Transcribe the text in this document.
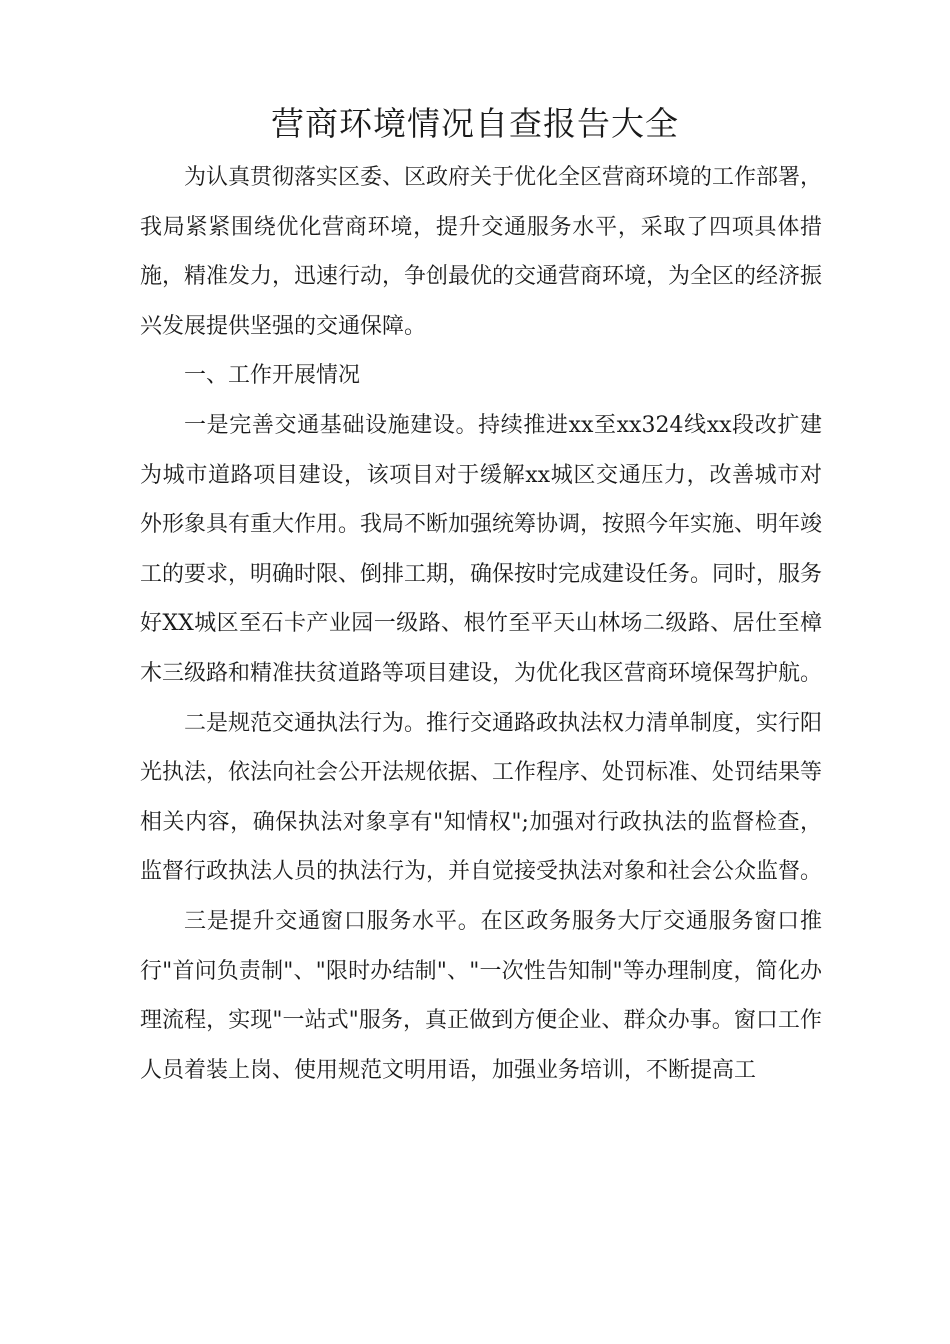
营商环境情况自查报告大全

为认真贯彻落实区委、区政府关于优化全区营商环境的工作部署，我局紧紧围绕优化营商环境，提升交通服务水平，采取了四项具体措施，精准发力，迅速行动，争创最优的交通营商环境，为全区的经济振兴发展提供坚强的交通保障。

一、工作开展情况

一是完善交通基础设施建设。持续推进xx至xx324线xx段改扩建为城市道路项目建设，该项目对于缓解xx城区交通压力，改善城市对外形象具有重大作用。我局不断加强统筹协调，按照今年实施、明年竣工的要求，明确时限、倒排工期，确保按时完成建设任务。同时，服务好XX城区至石卡产业园一级路、根竹至平天山林场二级路、居仕至樟木三级路和精准扶贫道路等项目建设，为优化我区营商环境保驾护航。

二是规范交通执法行为。推行交通路政执法权力清单制度，实行阳光执法，依法向社会公开法规依据、工作程序、处罚标准、处罚结果等相关内容，确保执法对象享有"知情权";加强对行政执法的监督检查，监督行政执法人员的执法行为，并自觉接受执法对象和社会公众监督。

三是提升交通窗口服务水平。在区政务服务大厅交通服务窗口推行"首问负责制"、"限时办结制"、"一次性告知制"等办理制度，简化办理流程，实现"一站式"服务，真正做到方便企业、群众办事。窗口工作人员着装上岗、使用规范文明用语，加强业务培训，不断提高工
